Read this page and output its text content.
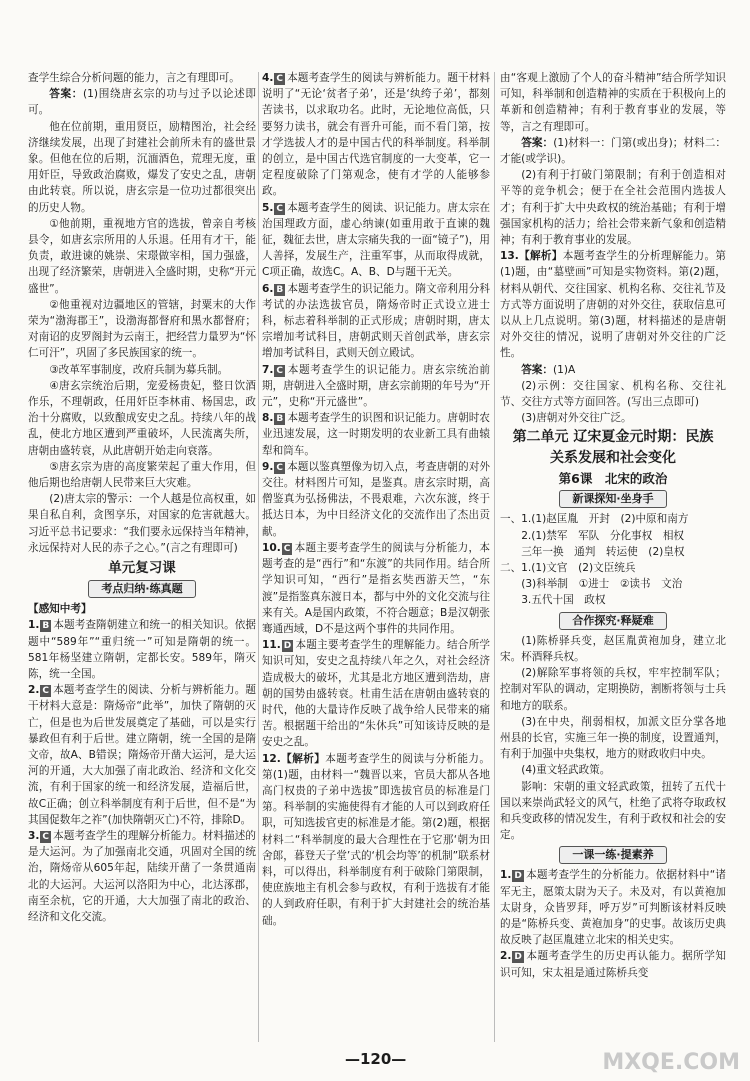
查学生综合分析问题的能力，言之有理即可。

答案：(1)围绕唐玄宗的功与过予以论述即可。

他在位前期，重用贤臣，励精图治，社会经济继续发展，出现了封建社会前所未有的盛世景象。但他在位的后期，沉湎酒色，荒理无度，重用奸臣，导致政治腐败，爆发了安史之乱，唐朝由此转衰。所以说，唐玄宗是一位功过都很突出的历史人物。

①他前期，重视地方官的选拔，曾亲自考核县令，如唐玄宗所用的人乐退。任用有才干，能负责，敢进谏的姚崇、宋璟做宰相，国力强盛，出现了经济繁荣，唐朝进入全盛时期，史称“开元盛世”。

②他重视对边疆地区的管辖，封粟末的大作荣为“渤海郡王”，设渤海都督府和黑水都督府；对南诏的皮罗阁封为云南王，把经营力量罗为“怀仁可汗”，巩固了多民族国家的统一。

③改革军事制度，改府兵制为募兵制。

④唐玄宗统治后期，宠爱杨贵妃，整日饮酒作乐，不理朝政，任用奸臣李林甫、杨国忠，政治十分腐败，以致酿成安史之乱。持续八年的战乱，使北方地区遭到严重破坏，人民流离失所，唐朝由盛转衰，从此唐朝开始走向衰落。

⑤唐玄宗为唐的高度繁荣起了重大作用，但他后期也给唐朝人民带来巨大灾难。

(2)唐太宗的警示：一个人越是位高权重，如果自私自利，贪图享乐，对国家的危害就越大。习近平总书记要求：“我们要永远保持当年精神，永远保持对人民的赤子之心。”(言之有理即可)

单元复习课
考点归纳·练真题

【感知中考】

1. B 本题考查隋朝建立和统一的相关知识。依据题中“589年”“重归统一”可知是隋朝的统一。581年杨坚建立隋朝，定都长安。589年，隋灭陈，统一全国。

2. C 本题考查学生的阅读、分析与辨析能力。题干材料大意是：隋炀帝“此举”，加快了隋朝的灭亡，但是也为后世发展奠定了基础，可以是实行暴政但有利于后世。建立隋朝，统一全国的是隋文帝，故A、B错误；隋炀帝开凿大运河，是大运河的开通，大大加强了南北政治、经济和文化交流，有利于国家的统一和经济发展，造福后世，故C正确；创立科举制度有利于后世，但不是“为其国促数年之祚”(加快隋朝灭亡)不符，排除D。

3. C 本题考查学生的理解分析能力。材料描述的是大运河。为了加强南北交通，巩固对全国的统治，隋炀帝从605年起，陆续开凿了一条贯通南北的大运河。大运河以洛阳为中心，北达涿郡，南至余杭，它的开通，大大加强了南北的政治、经济和文化交流。

4. C 本题考查学生的阅读与辨析能力。题干材料说明了“无论‘贫者子弟’，还是‘纨绔子弟’，都刻苦读书，以求取功名。此时，无论地位高低，只要努力读书，就会有晋升可能，而不看门第，按才学选拔人才的是中国古代的科举制度。科举制的创立，是中国古代选官制度的一大变革，它一定程度破除了门第观念，使有才学的人能够参政。

5. C 本题考查学生的阅读、识记能力。唐太宗在治国理政方面，虚心纳谏(如重用敢于直谏的魏征，魏征去世，唐太宗痛失我的一面“镜子”)，用人善择，发展生产，注重军事，从而取得成就，C项正确，故选C。A、B、D与题干无关。

6. B 本题考查学生的识记能力。隋文帝利用分科考试的办法选拔官员，隋炀帝时正式设立进士科，标志着科举制的正式形成；唐朝时期，唐太宗增加考试科目，唐朝武则天首创武举，唐玄宗增加考试科目，武则天创立殿试。

7. C 本题考查学生的识记能力。唐玄宗统治前期，唐朝进入全盛时期，唐玄宗前期的年号为“开元”，史称“开元盛世”。

8. B 本题考查学生的识图和识记能力。唐朝时农业迅速发展，这一时期发明的农业新工具有曲辕犁和筒车。

9. C 本题以鉴真塑像为切入点，考查唐朝的对外交往。材料图片可知，是鉴真。唐玄宗时期，高僧鉴真为弘扬佛法，不畏艰难，六次东渡，终于抵达日本，为中日经济文化的交流作出了杰出贡献。

10. C 本题主要考查学生的阅读与分析能力，本题考查的是“西行”和“东渡”的共同作用。结合所学知识可知，“西行”是指玄奘西游天竺，“东渡”是指鉴真东渡日本，都与中外的文化交流与往来有关。A是国内政策，不符合题意；B是汉朝张骞通西域，D不是这两个事件的共同作用。

11. D 本题主要考查学生的理解能力。结合所学知识可知，安史之乱持续八年之久，对社会经济造成极大的破坏，尤其是北方地区遭到浩劫，唐朝的国势由盛转衰。杜甫生活在唐朝由盛转衰的时代，他的大量诗作反映了战争给人民带来的痛苦。根据题干给出的“朱休兵”可知该诗反映的是安史之乱。

12.【解析】本题考查学生的阅读与分析能力。第(1)题，由材料一“魏晋以来，官员大都从各地高门权贵的子弟中选拔”即选拔官员的标准是门第。科举制的实施使得有才能的人可以到政府任职，可知选拔官吏的标准是才能。第(2)题，根据材料二“科举制度的最大合理性在于它那‘朝为田舍郎，暮登天子堂’式的‘机会均等’的机制”联系材料，可以得出，科举制度有利于破除门第限制，使庶族地主有机会参与政权，有利于选拔有才能的人到政府任职，有利于扩大封建社会的统治基础。

由“客观上激励了个人的奋斗精神”结合所学知识可知，科举制和创造精神的实质在于积极向上的革新和创造精神；有利于教育事业的发展，等等，言之有理即可。

答案：(1)材料一：门第(或出身)；材料二：才能(或学识)。

(2)有利于打破门第限制；有利于创造相对平等的竞争机会；便于在全社会范围内选拔人才；有利于扩大中央政权的统治基础；有利于增强国家机构的活力；给社会带来新气象和创造精神；有利于教育事业的发展。

13.【解析】本题考查学生的分析理解能力。第(1)题，由“墓壁画”可知是实物资料。第(2)题，材料从朝代、交往国家、机构名称、交往礼节及方式等方面说明了唐朝的对外交往，获取信息可以从上几点说明。第(3)题，材料描述的是唐朝对外交往的情况，说明了唐朝对外交往的广泛性。

答案：(1)A

(2)示例：交往国家、机构名称、交往礼节、交往方式等方面回答。(写出三点即可)

(3)唐朝对外交往广泛。

第二单元 辽宋夏金元时期：民族
关系发展和社会变化
第6课　北宋的政治
新课探知·坐身手

一、1.(1)赵匡胤　开封　(2)中原和南方

2.(1)禁军　军队　分化事权　相权

三年一换　通判　转运使　(2)皇权

二、1.(1)文官　(2)文臣统兵

(3)科举制　①进士　②读书　文治

3.五代十国　政权

合作探究·释疑难

(1)陈桥驿兵变，赵匡胤黄袍加身，建立北宋。杯酒释兵权。

(2)解除军事将领的兵权，牢牢控制军队；控制对军队的调动，定期换防，割断将领与士兵和地方的联系。

(3)在中央，削弱相权，加派文臣分掌各地州县的长官，实施三年一换的制度，设置通判，有利于加强中央集权，地方的财政收归中央。

(4)重文轻武政策。

影响：宋朝的重文轻武政策，扭转了五代十国以来崇尚武轻文的风气，杜绝了武将夺取政权和兵变政移的情况发生，有利于政权和社会的安定。

一课一练·提素养

1. D 本题考查学生的分析能力。依据材料中“诸军无主，愿策太尉为天子。未及对，有以黄袍加太尉身，众皆罗拜，呼万岁”可判断该材料反映的是“陈桥兵变、黄袍加身”的史事。故该历史典故反映了赵匡胤建立北宋的相关史实。

2. D 本题考查学生的历史再认能力。据所学知识可知，宋太祖是通过陈桥兵变

—120—	MXQE.COM
